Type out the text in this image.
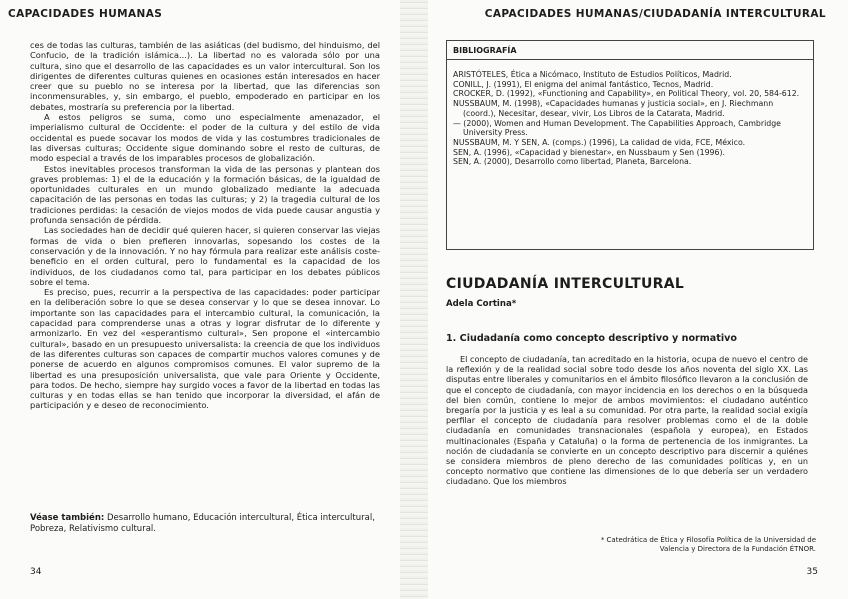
CAPACIDADES HUMANAS

ces de todas las culturas, también de las asiáticas (del budismo, del hinduismo, del Confucio, de la tradición islámica...). La libertad no es valorada sólo por una cultura, sino que el desarrollo de las capacidades es un valor intercultural. Son los dirigentes de diferentes culturas quienes en ocasiones están interesados en hacer creer que su pueblo no se interesa por la libertad, que las diferencias son inconmensurables, y, sin embargo, el pueblo, empoderado en participar en los debates, mostraría su preferencia por la libertad.

A estos peligros se suma, como uno especialmente amenazador, el imperialismo cultural de Occidente: el poder de la cultura y del estilo de vida occidental es puede socavar los modos de vida y las costumbres tradicionales de las diversas culturas; Occidente sigue dominando sobre el resto de culturas, de modo especial a través de los imparables procesos de globalización.

Estos inevitables procesos transforman la vida de las personas y plantean dos graves problemas: 1) el de la educación y la formación básicas, de la igualdad de oportunidades culturales en un mundo globalizado mediante la adecuada capacitación de las personas en todas las culturas; y 2) la tragedia cultural de los tradiciones perdidas: la cesación de viejos modos de vida puede causar angustia y profunda sensación de pérdida.

Las sociedades han de decidir qué quieren hacer, si quieren conservar las viejas formas de vida o bien prefieren innovarlas, sopesando los costes de la conservación y de la innovación. Y no hay fórmula para realizar este análisis coste-beneficio en el orden cultural, pero lo fundamental es la capacidad de los individuos, de los ciudadanos como tal, para participar en los debates públicos sobre el tema.

Es preciso, pues, recurrir a la perspectiva de las capacidades: poder participar en la deliberación sobre lo que se desea conservar y lo que se desea innovar. Lo importante son las capacidades para el intercambio cultural, la comunicación, la capacidad para comprenderse unas a otras y lograr disfrutar de lo diferente y armonizarlo. En vez del «esperantismo cultural», Sen propone el «intercambio cultural», basado en un presupuesto universalista: la creencia de que los individuos de las diferentes culturas son capaces de compartir muchos valores comunes y de ponerse de acuerdo en algunos compromisos comunes. El valor supremo de la libertad es una presuposición universalista, que vale para Oriente y Occidente, para todos. De hecho, siempre hay surgido voces a favor de la libertad en todas las culturas y en todas ellas se han tenido que incorporar la diversidad, el afán de participación y e deseo de reconocimiento.

Véase también: Desarrollo humano, Educación intercultural, Ética intercultural, Pobreza, Relativismo cultural.
34
CAPACIDADES HUMANAS/CIUDADANÍA INTERCULTURAL
BIBLIOGRAFÍA
ARISTÓTELES, Ética a Nicómaco, Instituto de Estudios Políticos, Madrid.
CONILL, J. (1991), El enigma del animal fantástico, Tecnos, Madrid.
CROCKER, D. (1992), «Functioning and Capability», en Political Theory, vol. 20, 584-612.
NUSSBAUM, M. (1998), «Capacidades humanas y justicia social», en J. Riechmann (coord.), Necesitar, desear, vivir, Los Libros de la Catarata, Madrid.
— (2000), Women and Human Development. The Capabilities Approach, Cambridge University Press.
NUSSBAUM, M. Y SEN, A. (comps.) (1996), La calidad de vida, FCE, México.
SEN, A. (1996), «Capacidad y bienestar», en Nussbaum y Sen (1996).
SEN, A. (2000), Desarrollo como libertad, Planeta, Barcelona.
CIUDADANÍA INTERCULTURAL
Adela Cortina*
1. Ciudadanía como concepto descriptivo y normativo

El concepto de ciudadanía, tan acreditado en la historia, ocupa de nuevo el centro de la reflexión y de la realidad social sobre todo desde los años noventa del siglo XX. Las disputas entre liberales y comunitarios en el ámbito filosófico llevaron a la conclusión de que el concepto de ciudadanía, con mayor incidencia en los derechos o en la búsqueda del bien común, contiene lo mejor de ambos movimientos: el ciudadano auténtico bregaría por la justicia y es leal a su comunidad. Por otra parte, la realidad social exigía perfilar el concepto de ciudadanía para resolver problemas como el de la doble ciudadanía en comunidades transnacionales (española y europea), en Estados multinacionales (España y Cataluña) o la forma de pertenencia de los inmigrantes. La noción de ciudadanía se convierte en un concepto descriptivo para discernir a quiénes se considera miembros de pleno derecho de las comunidades políticas y, en un concepto normativo que contiene las dimensiones de lo que debería ser un verdadero ciudadano. Que los miembros

* Catedrática de Ética y Filosofía Política de la Universidad de Valencia y Directora de la Fundación ÉTNOR.
35
